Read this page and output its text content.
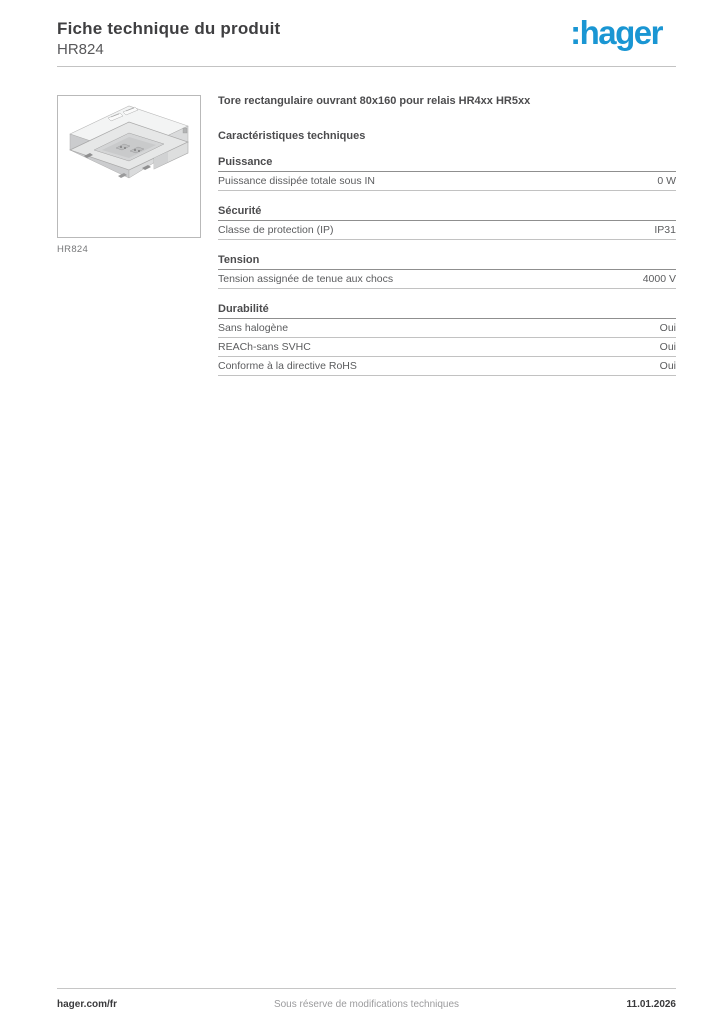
Fiche technique du produit
HR824	:hager
HR824
Tore rectangulaire ouvrant 80x160 pour relais HR4xx HR5xx
Caractéristiques techniques
Puissance
Puissance dissipée totale sous IN	0 W
Sécurité
Classe de protection (IP)	IP31
Tension
Tension assignée de tenue aux chocs	4000 V
Durabilité
Sans halogène	Oui
REACh-sans SVHC	Oui
Conforme à la directive RoHS	Oui
hager.com/fr	Sous réserve de modifications techniques	11.01.2026
